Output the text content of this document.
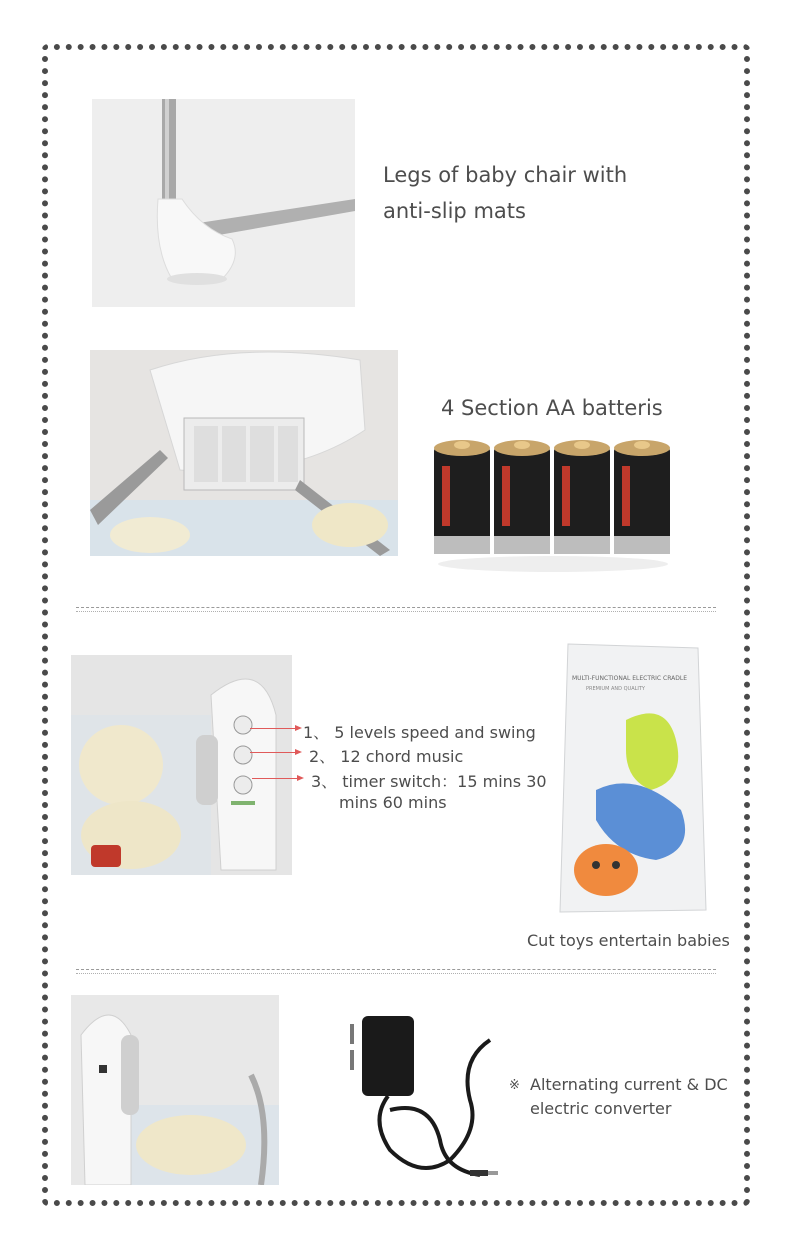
Legs of baby chair with
anti-slip mats
4 Section AA batteris
1、 5 levels speed and swing
2、 12 chord music
3、 timer switch：15 mins 30
mins 60 mins
MULTI-FUNCTIONAL ELECTRIC CRADLE
PREMIUM AND QUALITY
Cut toys entertain babies
※ Alternating current & DC
electric converter
